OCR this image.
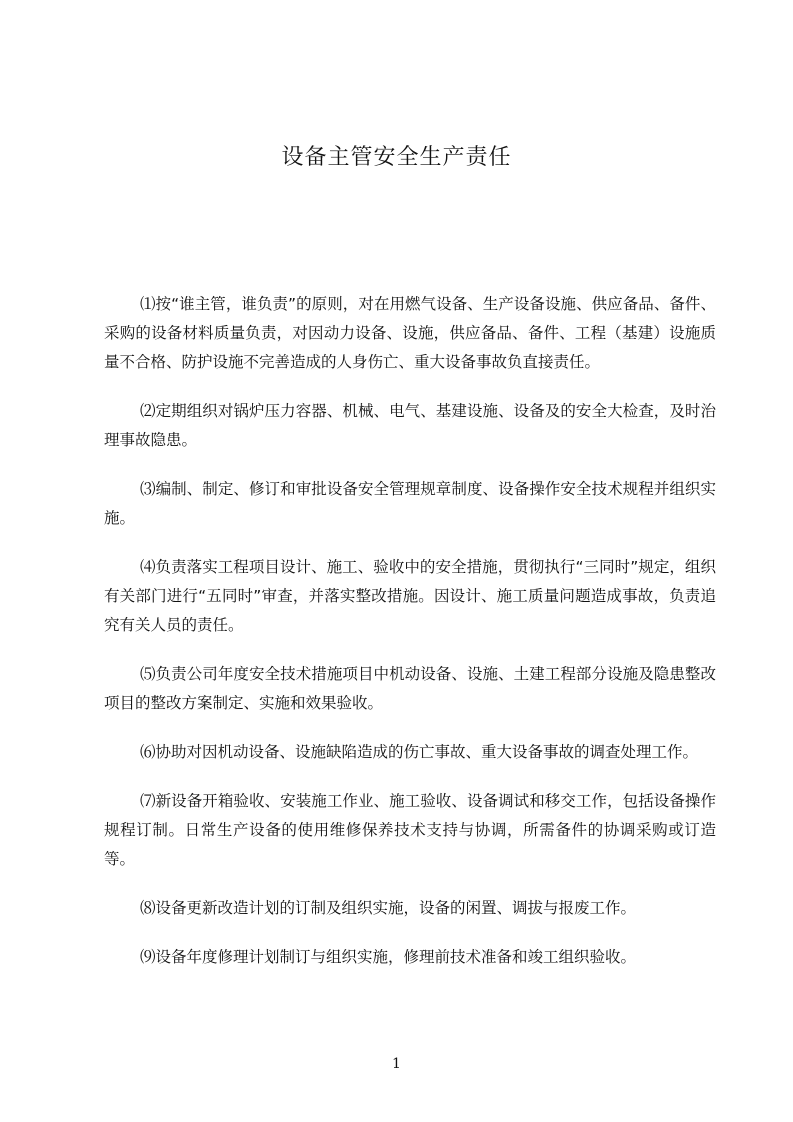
设备主管安全生产责任

⑴按“谁主管，谁负责”的原则，对在用燃气设备、生产设备设施、供应备品、备件、采购的设备材料质量负责，对因动力设备、设施，供应备品、备件、工程（基建）设施质量不合格、防护设施不完善造成的人身伤亡、重大设备事故负直接责任。

⑵定期组织对锅炉压力容器、机械、电气、基建设施、设备及的安全大检查，及时治理事故隐患。

⑶编制、制定、修订和审批设备安全管理规章制度、设备操作安全技术规程并组织实施。

⑷负责落实工程项目设计、施工、验收中的安全措施，贯彻执行“三同时”规定，组织有关部门进行“五同时”审查，并落实整改措施。因设计、施工质量问题造成事故，负责追究有关人员的责任。

⑸负责公司年度安全技术措施项目中机动设备、设施、土建工程部分设施及隐患整改项目的整改方案制定、实施和效果验收。

⑹协助对因机动设备、设施缺陷造成的伤亡事故、重大设备事故的调查处理工作。

⑺新设备开箱验收、安装施工作业、施工验收、设备调试和移交工作，包括设备操作规程订制。日常生产设备的使用维修保养技术支持与协调，所需备件的协调采购或订造等。

⑻设备更新改造计划的订制及组织实施，设备的闲置、调拔与报废工作。

⑼设备年度修理计划制订与组织实施，修理前技术准备和竣工组织验收。

1
